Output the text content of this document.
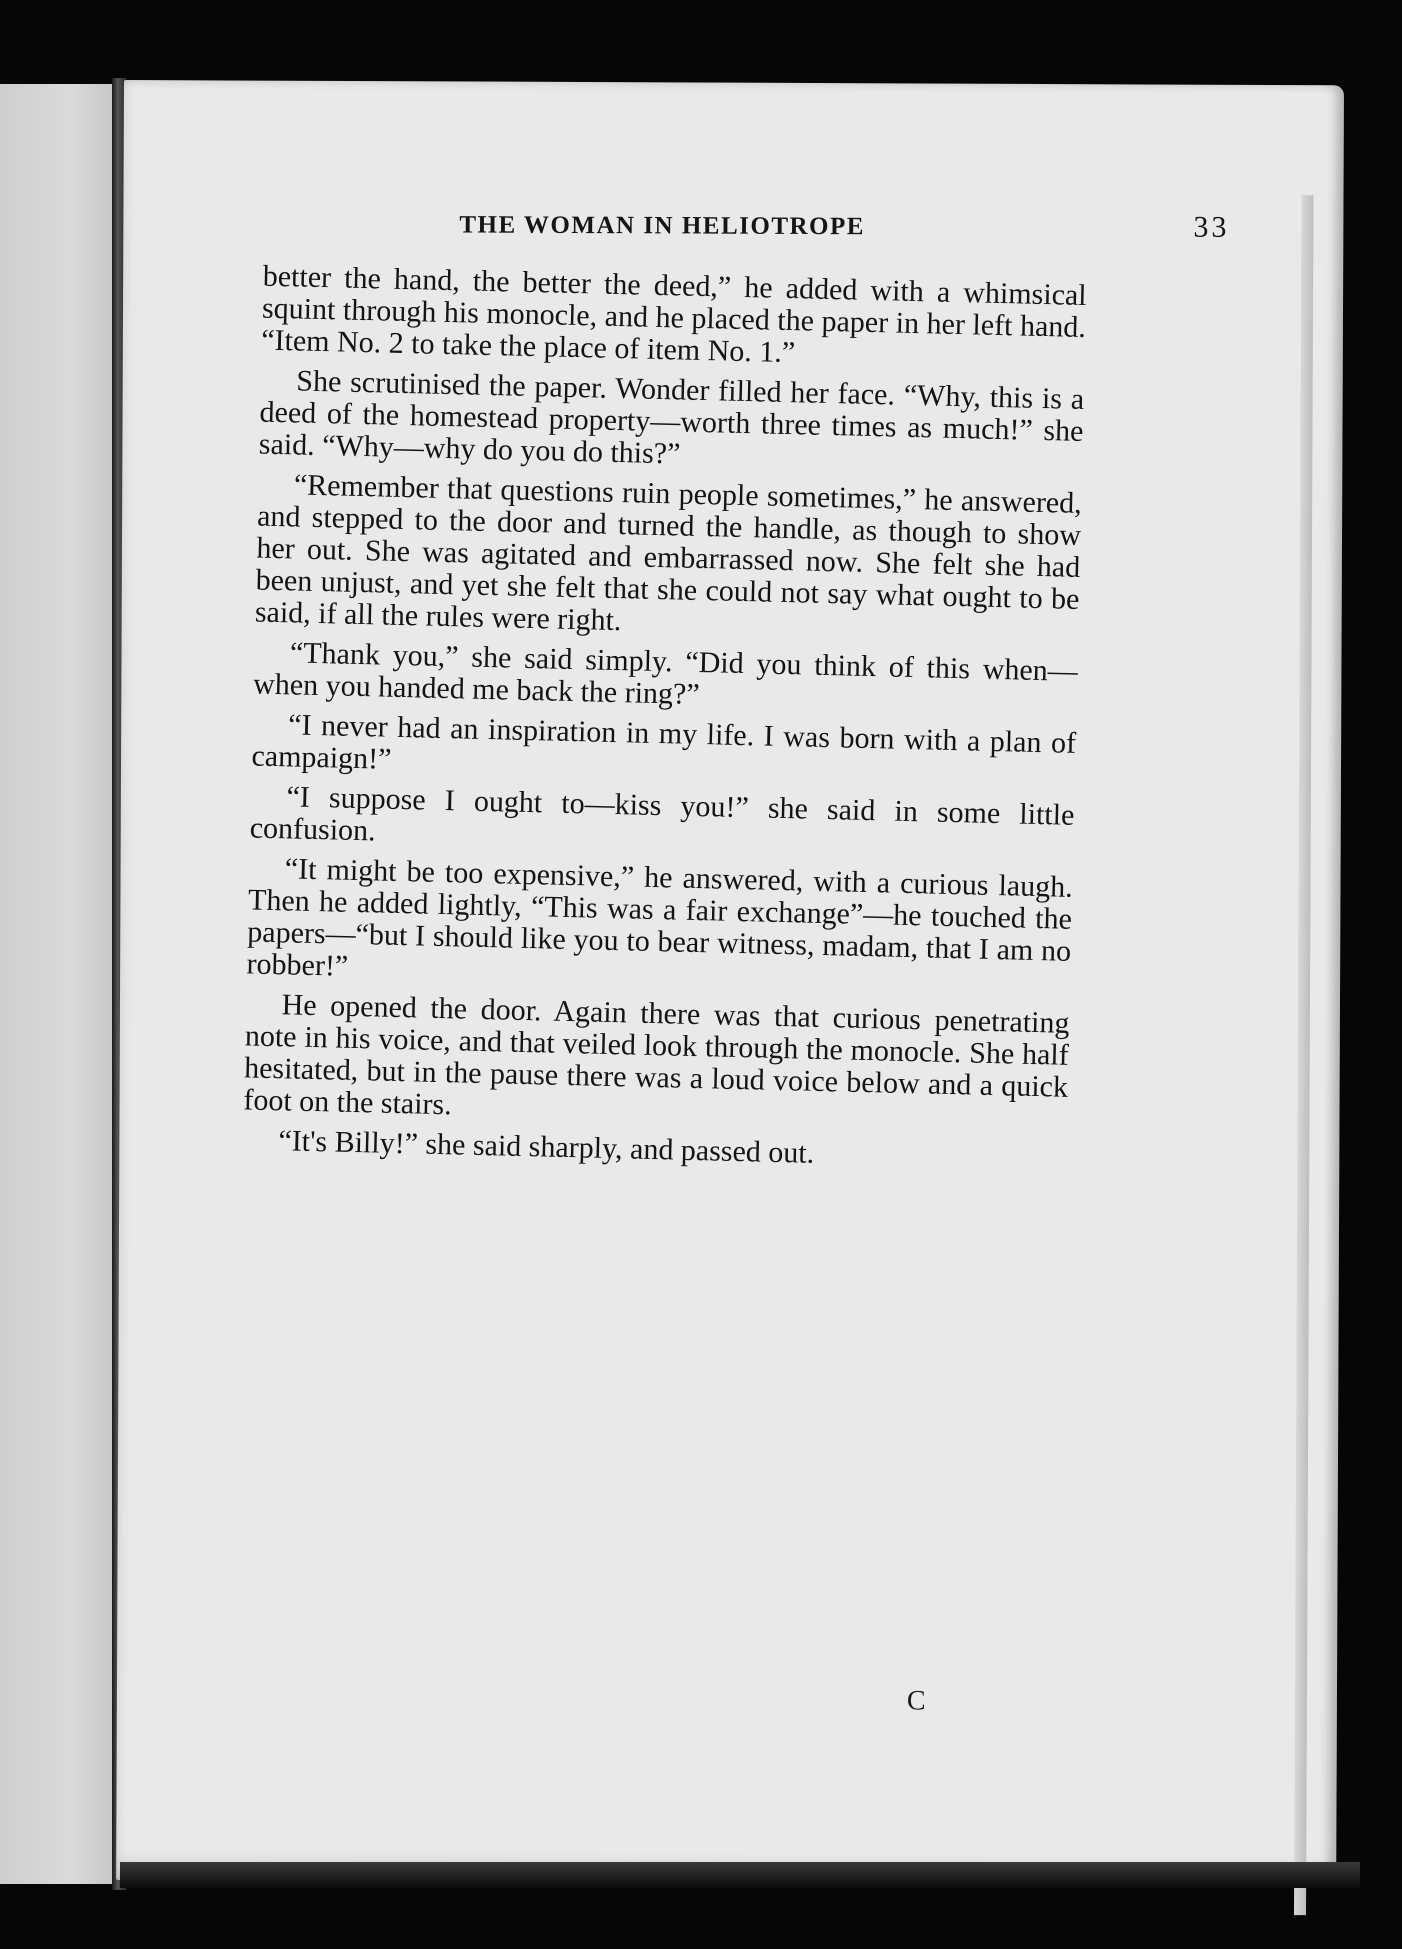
THE WOMAN IN HELIOTROPE	33

better the hand, the better the deed,” he added with a whimsical squint through his monocle, and he placed the paper in her left hand. “Item No. 2 to take the place of item No. 1.”

She scrutinised the paper. Wonder filled her face. “Why, this is a deed of the homestead property—worth three times as much!” she said. “Why—why do you do this?”

“Remember that questions ruin people sometimes,” he answered, and stepped to the door and turned the handle, as though to show her out. She was agitated and embarrassed now. She felt she had been unjust, and yet she felt that she could not say what ought to be said, if all the rules were right.

“Thank you,” she said simply. “Did you think of this when—when you handed me back the ring?”

“I never had an inspiration in my life. I was born with a plan of campaign!”

“I suppose I ought to—kiss you!” she said in some little confusion.

“It might be too expensive,” he answered, with a curious laugh. Then he added lightly, “This was a fair exchange”—he touched the papers—“but I should like you to bear witness, madam, that I am no robber!”

He opened the door. Again there was that curious penetrating note in his voice, and that veiled look through the monocle. She half hesitated, but in the pause there was a loud voice below and a quick foot on the stairs.

“It's Billy!” she said sharply, and passed out.

C
